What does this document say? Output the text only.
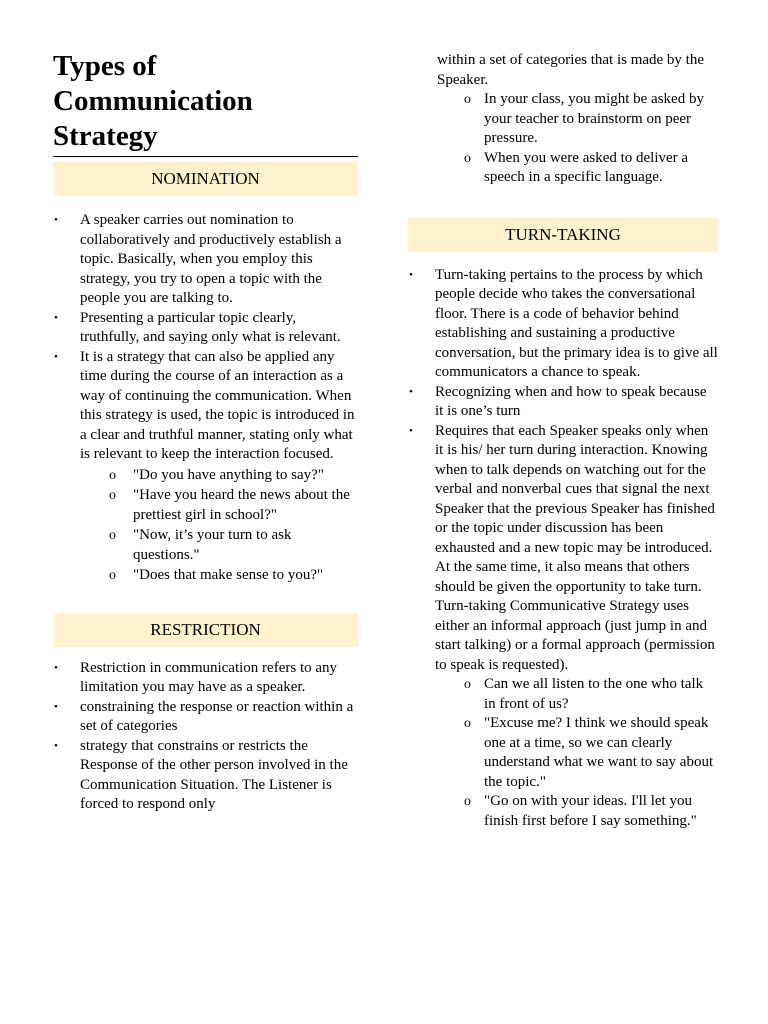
Types of
Communication
Strategy
NOMINATION
• A speaker carries out nomination to collaboratively and productively establish a topic. Basically, when you employ this strategy, you try to open a topic with the people you are talking to.
• Presenting a particular topic clearly, truthfully, and saying only what is relevant.
• It is a strategy that can also be applied any time during the course of an interaction as a way of continuing the communication. When this strategy is used, the topic is introduced in a clear and truthful manner, stating only what is relevant to keep the interaction focused.
o "Do you have anything to say?"
o "Have you heard the news about the prettiest girl in school?"
o "Now, it’s your turn to ask questions."
o "Does that make sense to you?"
RESTRICTION
• Restriction in communication refers to any limitation you may have as a speaker.
• constraining the response or reaction within a set of categories
• strategy that constrains or restricts the Response of the other person involved in the Communication Situation. The Listener is forced to respond only
within a set of categories that is made by the Speaker.
o In your class, you might be asked by your teacher to brainstorm on peer pressure.
o When you were asked to deliver a speech in a specific language.
TURN-TAKING
• Turn-taking pertains to the process by which people decide who takes the conversational floor. There is a code of behavior behind establishing and sustaining a productive conversation, but the primary idea is to give all communicators a chance to speak.
• Recognizing when and how to speak because it is one’s turn
• Requires that each Speaker speaks only when it is his/ her turn during interaction. Knowing when to talk depends on watching out for the verbal and nonverbal cues that signal the next Speaker that the previous Speaker has finished or the topic under discussion has been exhausted and a new topic may be introduced. At the same time, it also means that others should be given the opportunity to take turn. Turn-taking Communicative Strategy uses either an informal approach (just jump in and start talking) or a formal approach (permission to speak is requested).
o Can we all listen to the one who talk in front of us?
o "Excuse me? I think we should speak one at a time, so we can clearly understand what we want to say about the topic."
o "Go on with your ideas. I'll let you finish first before I say something."
